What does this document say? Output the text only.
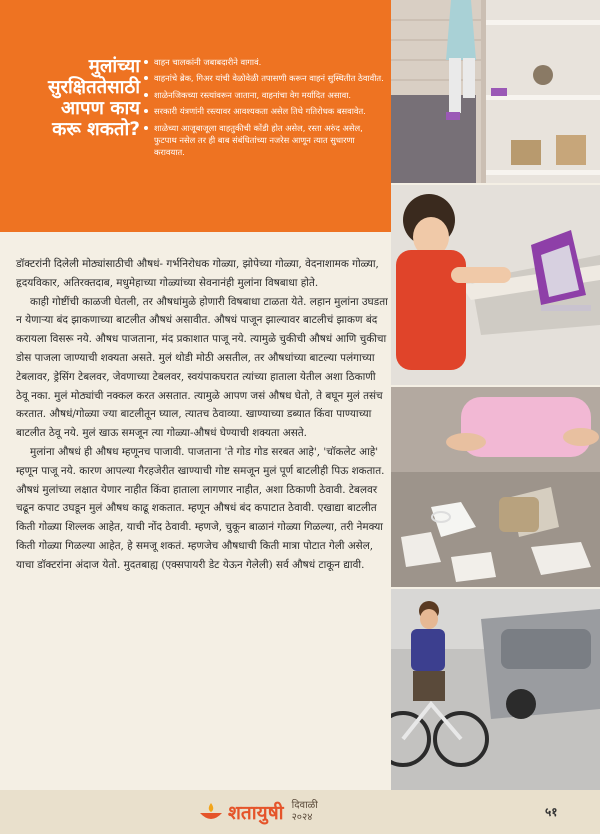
मुलांच्या
सुरक्षिततेसाठी
आपण काय
करू शकतो?
वाहन चालकांनी जबाबदारीने वागावं.
वाहनांचे ब्रेक, गिअर यांची वेळोवेळी तपासणी करून वाहनं सुस्थितीत ठेवावीत.
शाळेनजिकच्या रस्त्यांवरून जाताना, वाहनांचा वेग मर्यादित असावा.
सरकारी यंत्रणांनी रस्त्यावर आवश्यकता असेल तिथे गतिरोधक बसवावेत.
शाळेच्या आजूबाजूला वाहतुकीची कोंडी होत असेल, रस्ता अरुंद असेल, फुटपाथ नसेल तर ही बाब संबंधितांच्या नजरेस आणून त्यात सुधारणा करावयात.

डॉक्टरांनी दिलेली मोठ्यांसाठीची औषधं- गर्भनिरोधक गोळ्या, झोपेच्या गोळ्या, वेदनाशामक गोळ्या, हृदयविकार, अतिरक्तदाब, मधुमेहाच्या गोळ्यांच्या सेवनानंही मुलांना विषबाधा होते.

काही गोष्टींची काळजी घेतली, तर औषधांमुळे होणारी विषबाधा टाळता येते. लहान मुलांना उघडता न येणाऱ्या बंद झाकणाच्या बाटलीत औषधं असावीत. औषधं पाजून झाल्यावर बाटलीचं झाकण बंद करायला विसरू नये. औषध पाजताना, मंद प्रकाशात पाजू नये. त्यामुळे चुकीची औषधं आणि चुकीचा डोस पाजला जाण्याची शक्यता असते. मुलं थोडी मोठी असतील, तर औषधांच्या बाटल्या पलंगाच्या टेबलावर, ड्रेसिंग टेबलवर, जेवणाच्या टेबलवर, स्वयंपाकघरात त्यांच्या हाताला येतील अशा ठिकाणी ठेवू नका. मुलं मोठ्यांची नक्कल करत असतात. त्यामुळे आपण जसं औषध घेतो, ते बघून मुलं तसंच करतात. औषधं/गोळ्या ज्या बाटलीतून घ्याल, त्यातच ठेवाव्या. खाण्याच्या डब्यात किंवा पाण्याच्या बाटलीत ठेवू नये. मुलं खाऊ समजून त्या गोळ्या-औषधं घेण्याची शक्यता असते.

मुलांना औषधं ही औषध म्हणूनच पाजावी. पाजताना 'ते गोड गोड सरबत आहे', 'चॉकलेट आहे' म्हणून पाजू नये. कारण आपल्या गैरहजेरीत खाण्याची गोष्ट समजून मुलं पूर्ण बाटलीही पिऊ शकतात. औषधं मुलांच्या लक्षात येणार नाहीत किंवा हाताला लागणार नाहीत, अशा ठिकाणी ठेवावी. टेबलवर चढून कपाट उघडून मुलं औषध काढू शकतात. म्हणून औषधं बंद कपाटात ठेवावी. एखाद्या बाटलीत किती गोळ्या शिल्लक आहेत, याची नोंद ठेवावी. म्हणजे, चुकून बाळानं गोळ्या गिळल्या, तरी नेमक्या किती गोळ्या गिळल्या आहेत, हे समजू शकतं. म्हणजेच औषधाची किती मात्रा पोटात गेली असेल, याचा डॉक्टरांना अंदाज येतो. मुदतबाह्य (एक्सपायरी डेट येऊन गेलेली) सर्व औषधं टाकून द्यावी.

शतायुषी दिवाळी
२०२४	५१
